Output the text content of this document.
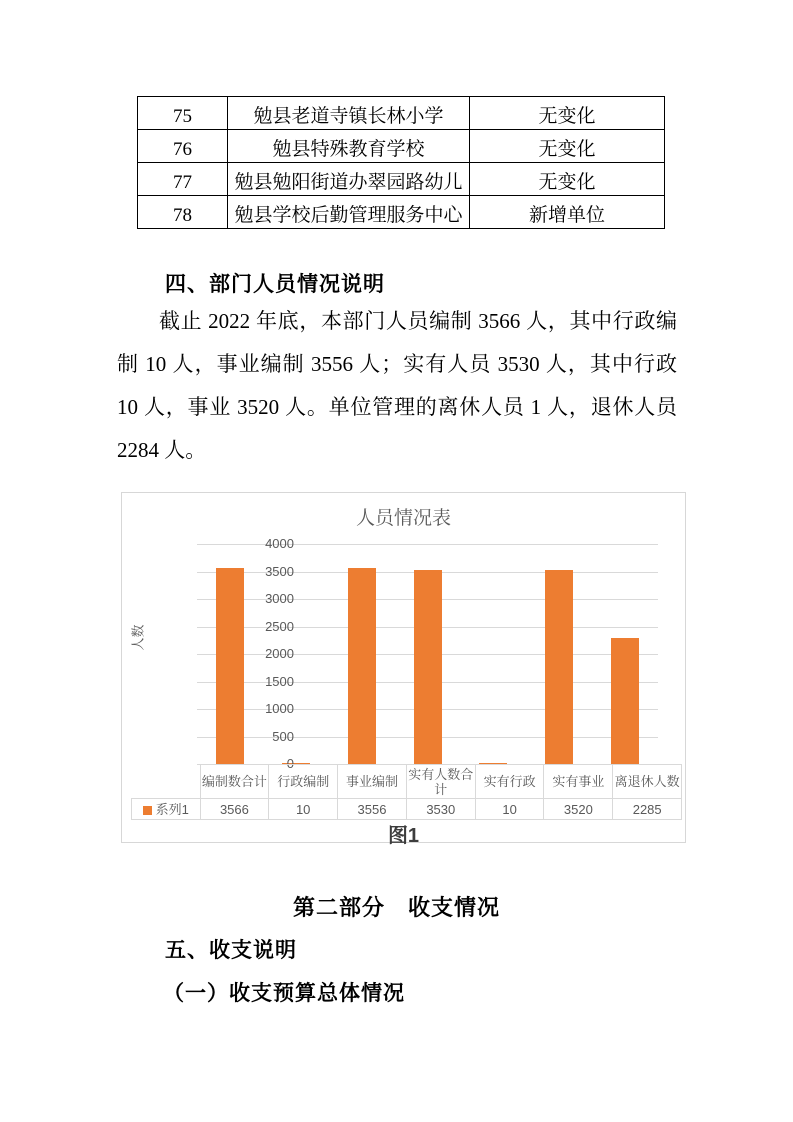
75	勉县老道寺镇长林小学	无变化
76	勉县特殊教育学校	无变化
77	勉县勉阳街道办翠园路幼儿	无变化
78	勉县学校后勤管理服务中心	新增单位
四、部门人员情况说明
截止 2022 年底，本部门人员编制 3566 人，其中行政编制 10 人，事业编制 3556 人；实有人员 3530 人，其中行政 10 人，事业 3520 人。单位管理的离休人员 1 人，退休人员 2284 人。
人员情况表
人数
4000
3500
3000
2500
2000
1500
1000
500
0
	编制数合计	行政编制	事业编制	实有人数合计	实有行政	实有事业	离退休人数
系列1	3566	10	3556	3530	10	3520	2285
图1
第二部分　收支情况
五、收支说明
（一）收支预算总体情况
